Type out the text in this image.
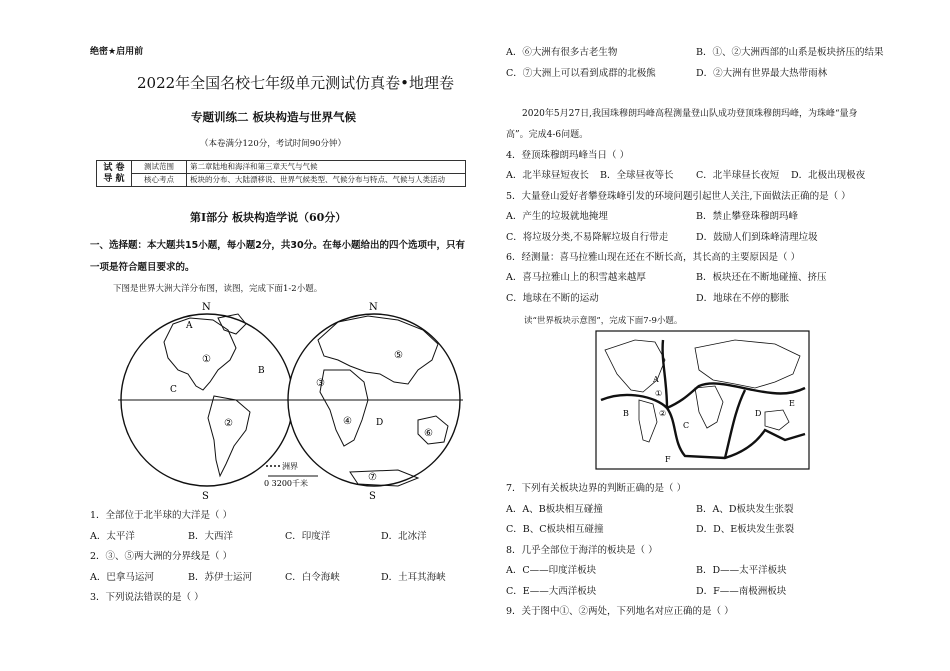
绝密★启用前
2022年全国名校七年级单元测试仿真卷•地理卷
专题训练二 板块构造与世界气候
（本卷满分120分，考试时间90分钟）
试 卷
导 航	测试范围	第二章陆地和海洋和第三章天气与气候
	核心考点	板块的分布、大陆漂移说、世界气候类型、气候分布与特点、气候与人类活动
第Ⅰ部分 板块构造学说（60分）
一、选择题：本大题共15小题，每小题2分，共30分。在每小题给出的四个选项中，只有
一项是符合题目要求的。
下图是世界大洲大洋分布图，读图，完成下面1-2小题。
N	N
S	S
A
B
C
D
①
②
③
④
⑤
⑥
⑦
洲界
0 3200千米
1．全部位于北半球的大洋是（ ）
A．太平洋	B．大西洋	C．印度洋	D．北冰洋
2．③、⑤两大洲的分界线是（ ）
A．巴拿马运河	B．苏伊士运河	C．白令海峡	D．土耳其海峡
3．下列说法错误的是（ ）
A．⑥大洲有很多古老生物	B．①、②大洲西部的山系是板块挤压的结果
C．⑦大洲上可以看到成群的北极熊	D．②大洲有世界最大热带雨林
2020年5月27日,我国珠穆朗玛峰高程测量登山队成功登顶珠穆朗玛峰，为珠峰“量身
高”。完成4-6问题。
4．登顶珠穆朗玛峰当日（ ）
A．北半球昼短夜长 B．全球昼夜等长 C．北半球昼长夜短 D．北极出现极夜
5．大量登山爱好者攀登珠峰引发的环境问题引起世人关注,下面做法正确的是（ ）
A．产生的垃圾就地掩埋	B．禁止攀登珠穆朗玛峰
C．将垃圾分类,不易降解垃圾自行带走	D．鼓励人们到珠峰清理垃圾
6．经测量：喜马拉雅山现在还在不断长高，其长高的主要原因是（ ）
A．喜马拉雅山上的积雪越来越厚	B．板块还在不断地碰撞、挤压
C．地球在不断的运动	D．地球在不停的膨胀
读“世界板块示意图”，完成下面7-9小题。
A
B
C
D
E
F
①
②
7．下列有关板块边界的判断正确的是（ ）
A．A、B板块相互碰撞	B．A、D板块发生张裂
C．B、C板块相互碰撞	D．D、E板块发生张裂
8．几乎全部位于海洋的板块是（ ）
A．C——印度洋板块	B．D——太平洋板块
C．E——大西洋板块	D．F——南极洲板块
9．关于图中①、②两处，下列地名对应正确的是（ ）
